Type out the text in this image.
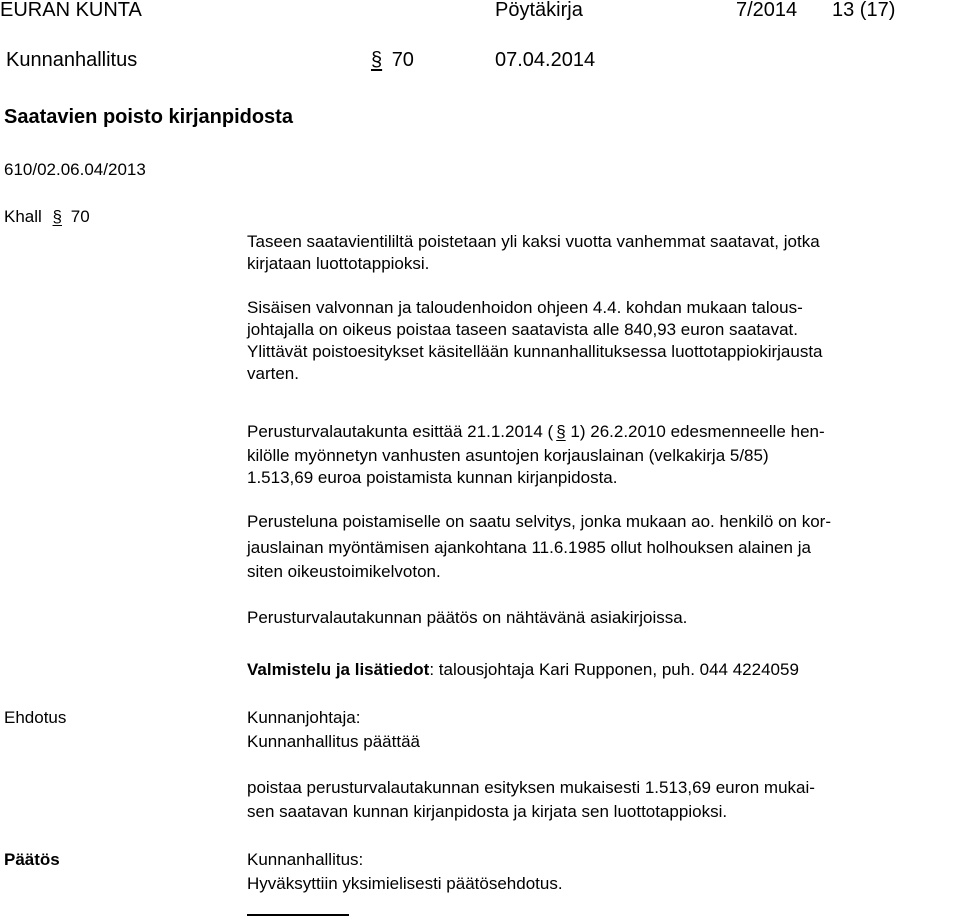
EURAN KUNTA	Pöytäkirja	7/2014 13 (17)
Kunnanhallitus	§ 70	07.04.2014
Saatavien poisto kirjanpidosta
610/02.06.04/2013
Khall § 70
Taseen saatavientililtä poistetaan yli kaksi vuotta vanhemmat saatavat, jotka
kirjataan luottotappioksi.
Sisäisen valvonnan ja taloudenhoidon ohjeen 4.4. kohdan mukaan talous-
johtajalla on oikeus poistaa taseen saatavista alle 840,93 euron saatavat.
Ylittävät poistoesitykset käsitellään kunnanhallituksessa luottotappiokirjausta
varten.
Perusturvalautakunta esittää 21.1.2014 ( § 1) 26.2.2010 edesmenneelle hen-
kilölle myönnetyn vanhusten asuntojen korjauslainan (velkakirja 5/85)
1.513,69 euroa poistamista kunnan kirjanpidosta.
Perusteluna poistamiselle on saatu selvitys, jonka mukaan ao. henkilö on kor-
jauslainan myöntämisen ajankohtana 11.6.1985 ollut holhouksen alainen ja
siten oikeustoimikelvoton.
Perusturvalautakunnan päätös on nähtävänä asiakirjoissa.
Valmistelu ja lisätiedot: talousjohtaja Kari Rupponen, puh. 044 4224059
Ehdotus	Kunnanjohtaja:
Kunnanhallitus päättää
poistaa perusturvalautakunnan esityksen mukaisesti 1.513,69 euron mukai-
sen saatavan kunnan kirjanpidosta ja kirjata sen luottotappioksi.
Päätös	Kunnanhallitus:
Hyväksyttiin yksimielisesti päätösehdotus.
